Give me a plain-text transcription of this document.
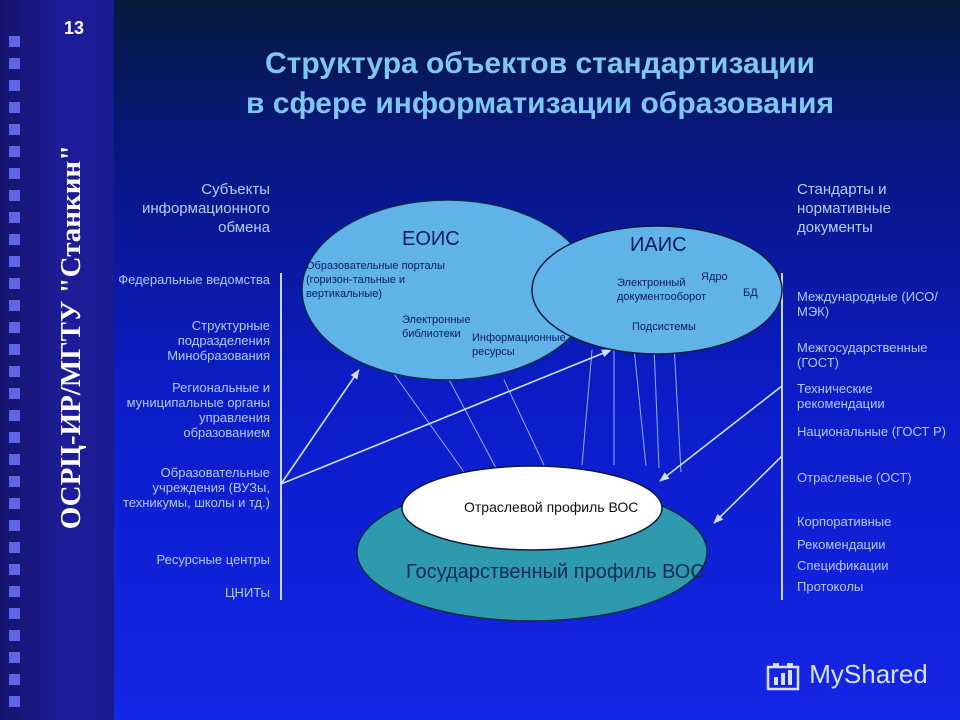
13
ОСРЦ-ИР/МГТУ "Станкин"
Структура объектов стандартизации
в сфере информатизации образования
Субъекты информационного обмена
Федеральные ведомства
Структурные подразделения Минобразования
Региональные и муниципальные органы управления образованием
Образовательные учреждения (ВУЗы, техникумы, школы и тд.)
Ресурсные центры
ЦНИТы
Стандарты и нормативные документы
Международные (ИСО/МЭК)
Межгосударственные (ГОСТ)
Технические рекомендации
Национальные (ГОСТ Р)
Отраслевые (ОСТ)
Корпоративные
Рекомендации
Спецификации
Протоколы
ЕОИС
Образовательные порталы (горизон-тальные и вертикальные)
Электронные библиотеки	Информационные ресурсы
ИАИС
Электронный документооборот
Ядро
БД
Подсистемы
Отраслевой профиль ВОС
Государственный профиль ВОС
MyShared
